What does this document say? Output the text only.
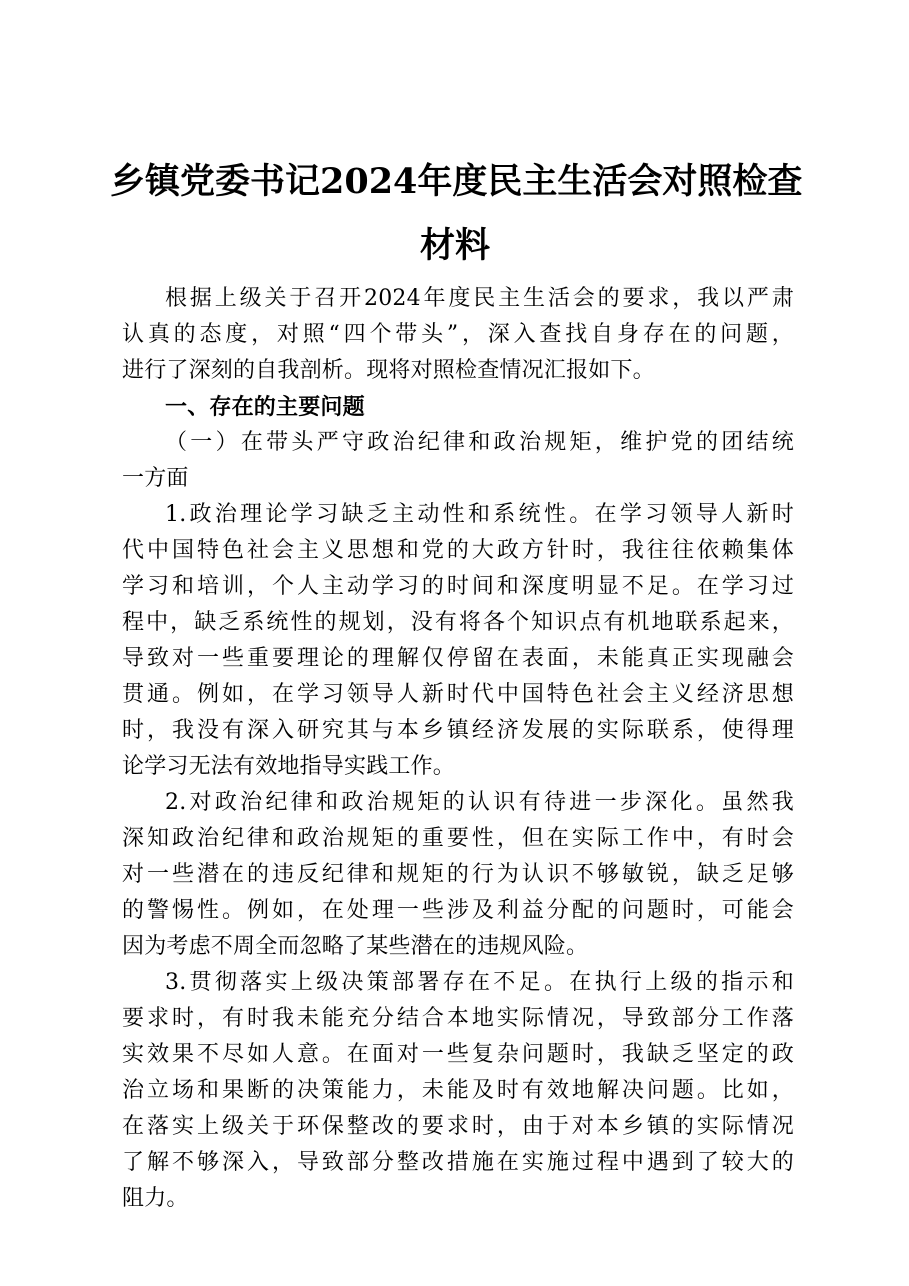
乡镇党委书记2024年度民主生活会对照检查
材料
根据上级关于召开2024年度民主生活会的要求，我以严肃
认真的态度，对照“四个带头”，深入查找自身存在的问题，
进行了深刻的自我剖析。现将对照检查情况汇报如下。
一、存在的主要问题
（一）在带头严守政治纪律和政治规矩，维护党的团结统
一方面
1.政治理论学习缺乏主动性和系统性。在学习领导人新时
代中国特色社会主义思想和党的大政方针时，我往往依赖集体
学习和培训，个人主动学习的时间和深度明显不足。在学习过
程中，缺乏系统性的规划，没有将各个知识点有机地联系起来，
导致对一些重要理论的理解仅停留在表面，未能真正实现融会
贯通。例如，在学习领导人新时代中国特色社会主义经济思想
时，我没有深入研究其与本乡镇经济发展的实际联系，使得理
论学习无法有效地指导实践工作。
2.对政治纪律和政治规矩的认识有待进一步深化。虽然我
深知政治纪律和政治规矩的重要性，但在实际工作中，有时会
对一些潜在的违反纪律和规矩的行为认识不够敏锐，缺乏足够
的警惕性。例如，在处理一些涉及利益分配的问题时，可能会
因为考虑不周全而忽略了某些潜在的违规风险。
3.贯彻落实上级决策部署存在不足。在执行上级的指示和
要求时，有时我未能充分结合本地实际情况，导致部分工作落
实效果不尽如人意。在面对一些复杂问题时，我缺乏坚定的政
治立场和果断的决策能力，未能及时有效地解决问题。比如，
在落实上级关于环保整改的要求时，由于对本乡镇的实际情况
了解不够深入，导致部分整改措施在实施过程中遇到了较大的
阻力。
